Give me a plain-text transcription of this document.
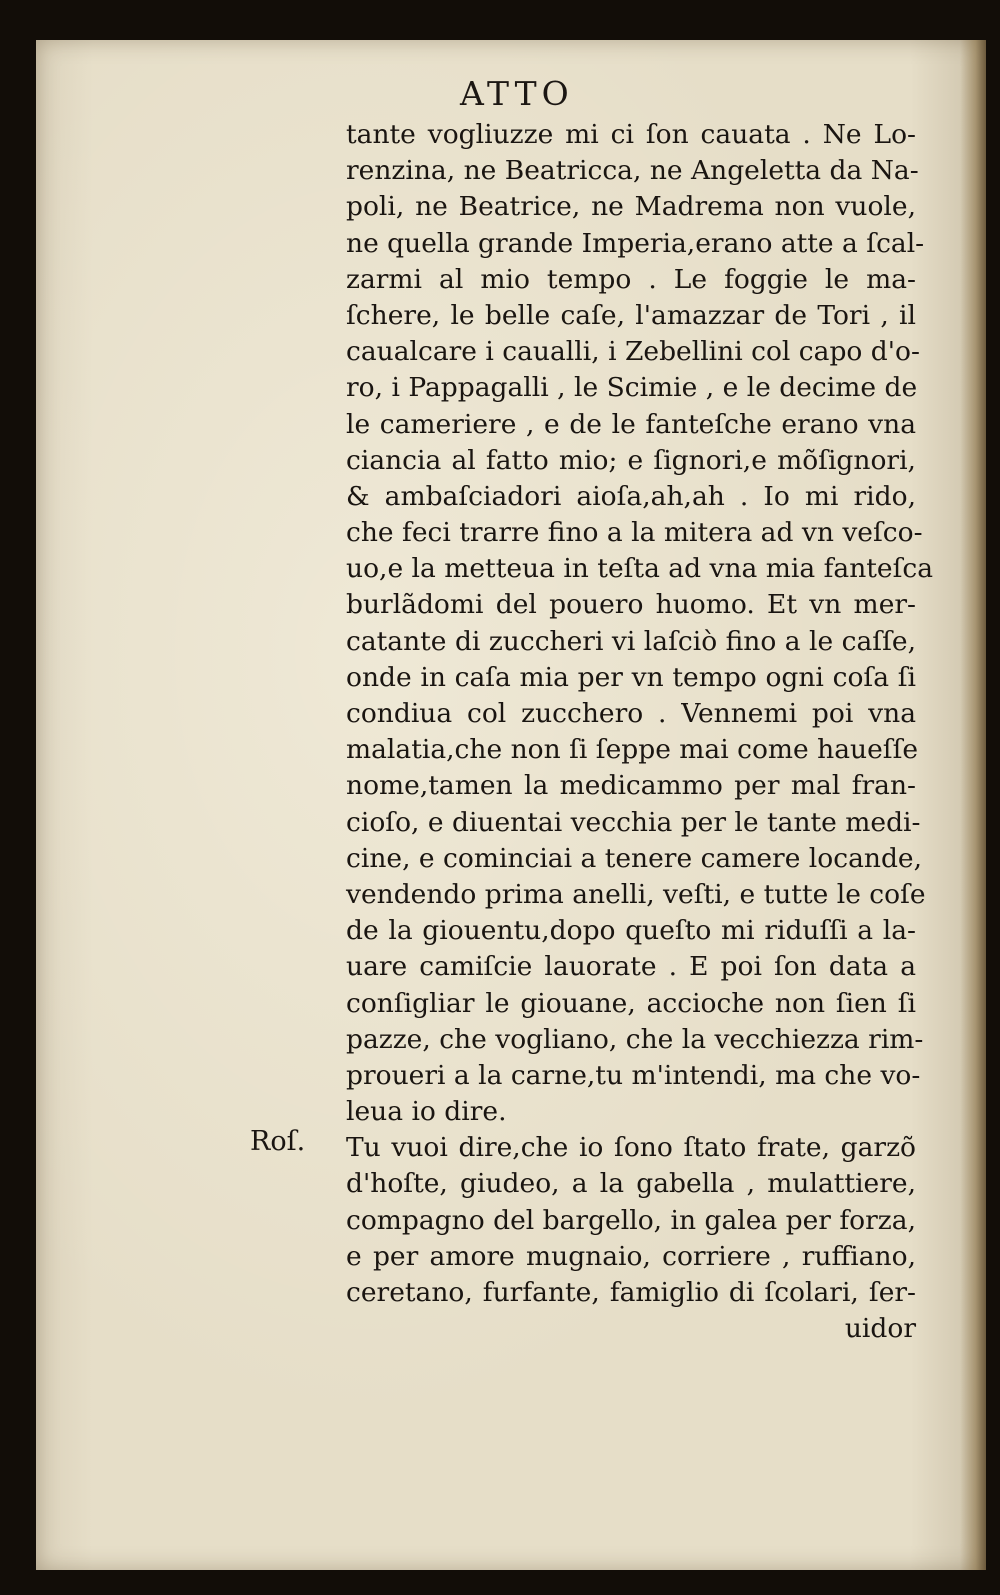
ATTO
tante vogliuzze mi ci ſon cauata . Ne Lo-
renzina, ne Beatricca, ne Angeletta da Na-
poli, ne Beatrice, ne Madrema non vuole,
ne quella grande Imperia,erano atte a ſcal-
zarmi al mio tempo . Le foggie le ma-
ſchere, le belle caſe, l'amazzar de Tori , il
caualcare i caualli, i Zebellini col capo d'o-
ro, i Pappagalli , le Scimie , e le decime de
le cameriere , e de le fanteſche erano vna
ciancia al fatto mio; e ſignori,e mõſignori,
& ambaſciadori aioſa,ah,ah . Io mi rido,
che feci trarre fino a la mitera ad vn veſco-
uo,e la metteua in teſta ad vna mia fanteſca
burlãdomi del pouero huomo. Et vn mer-
catante di zuccheri vi laſciò fino a le caſſe,
onde in caſa mia per vn tempo ogni coſa ſi
condiua col zucchero . Vennemi poi vna
malatia,che non ſi ſeppe mai come haueſſe
nome,tamen la medicammo per mal fran-
cioſo, e diuentai vecchia per le tante medi-
cine, e cominciai a tenere camere locande,
vendendo prima anelli, veſti, e tutte le coſe
de la giouentu,dopo queſto mi riduſſi a la-
uare camiſcie lauorate . E poi ſon data a
conſigliar le giouane, accioche non ſien ſi
pazze, che vogliano, che la vecchiezza rim-
proueri a la carne,tu m'intendi, ma che vo-
leua io dire.
Tu vuoi dire,che io ſono ſtato frate, garzõ
d'hoſte, giudeo, a la gabella , mulattiere,
compagno del bargello, in galea per forza,
e per amore mugnaio, corriere , ruffiano,
ceretano, furfante, famiglio di ſcolari, ſer-
uidor
Roſ.
